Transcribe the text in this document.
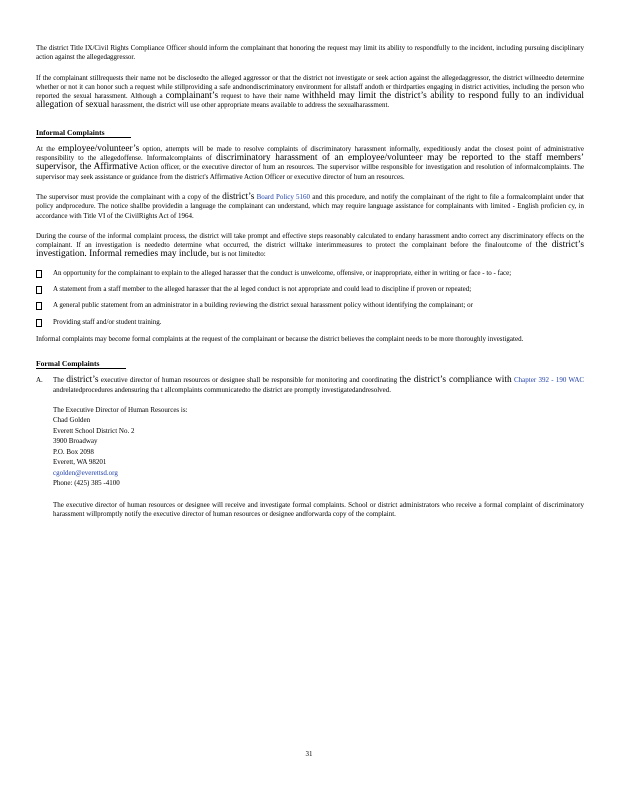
The district Title IX/Civil Rights Compliance Officer should inform the complainant that honoring the request may limit its ability to respondfully to the incident, including pursuing disciplinary action against the allegedaggressor.

If the complainant stillrequests their name not be disclosedto the alleged aggressor or that the district not investigate or seek action against the allegedaggressor, the district willneedto determine whether or not it can honor such a request while stillproviding a safe andnondiscriminatory environment for allstaff andoth er thirdparties engaging in district activities, including the person who reported the sexual harassment. Although a complainant’s request to have their name withheld may limit the district’s ability to respond fully to an individual allegation of sexual harassment, the district will use other appropriate means available to address the sexualharassment.

Informal Complaints

At the employee/volunteer’s option, attempts will be made to resolve complaints of discriminatory harassment informally, expeditiously andat the closest point of administrative responsibility to the allegedoffense. Informalcomplaints of discriminatory harassment of an employee/volunteer may be reported to the staff members’ supervisor, the Affirmative Action officer, or the executive director of hum an resources. The supervisor willbe responsible for investigation and resolution of informalcomplaints. The supervisor may seek assistance or guidance from the district's Affirmative Action Officer or executive director of hum an resources.

The supervisor must provide the complainant with a copy of the district’s Board Policy 5160 and this procedure, and notify the complainant of the right to file a formalcomplaint under that policy andprocedure. The notice shallbe providedin a language the complainant can understand, which may require language assistance for complainants with limited - English proficien cy, in accordance with Title VI of the CivilRights Act of 1964.

During the course of the informal complaint process, the district will take prompt and effective steps reasonably calculated to endany harassment andto correct any discriminatory effects on the complainant. If an investigation is neededto determine what occurred, the district willtake interimmeasures to protect the complainant before the finaloutcome of the district’s investigation. Informal remedies may include, but is not limitedto:

An opportunity for the complainant to explain to the alleged harasser that the conduct is unwelcome, offensive, or inappropriate, either in writing or face - to - face;
A statement from a staff member to the alleged harasser that the al leged conduct is not appropriate and could lead to discipline if proven or repeated;
A general public statement from an administrator in a building reviewing the district sexual harassment policy without identifying the complainant; or
Providing staff and/or student training.

Informal complaints may become formal complaints at the request of the complainant or because the district believes the complaint needs to be more thoroughly investigated.

Formal Complaints
A. The district’s executive director of human resources or designee shall be responsible for monitoring and coordinating the district’s compliance with Chapter 392 - 190 WAC andrelatedprocedures andensuring tha t allcomplaints communicatedto the district are promptly investigatedandresolved.

The Executive Director of Human Resources is:
Chad Golden
Everett School District No. 2
3900 Broadway
P.O. Box 2098
Everett, WA 98201
cgolden@everettsd.org
Phone: (425) 385 -4100

The executive director of human resources or designee will receive and investigate formal complaints. School or district administrators who receive a formal complaint of discriminatory harassment willpromptly notify the executive director of human resources or designee andforwarda copy of the complaint.

31
